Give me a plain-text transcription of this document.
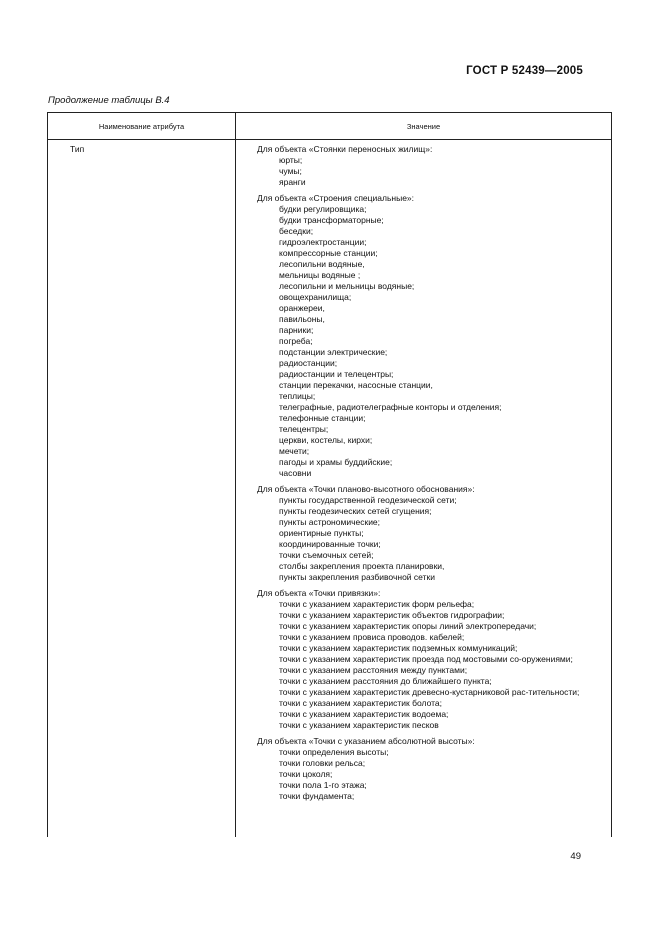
ГОСТ Р 52439—2005
Продолжение таблицы В.4
Наименование атрибута	Значение
Тип	Для объекта «Стоянки переносных жилищ»:
юрты;
чумы;
яранги
Для объекта «Строения специальные»:
будки регулировщика;
будки трансформаторные;
беседки;
гидроэлектростанции;
компрессорные станции;
лесопильни водяные,
мельницы водяные ;
лесопильни и мельницы водяные;
овощехранилища;
оранжереи,
павильоны,
парники;
погреба;
подстанции электрические;
радиостанции;
радиостанции и телецентры;
станции перекачки, насосные станции,
теплицы;
телеграфные, радиотелеграфные конторы и отделения;
телефонные станции;
телецентры;
церкви, костелы, кирхи;
мечети;
пагоды и храмы буддийские;
часовни
Для объекта «Точки планово-высотного обоснования»:
пункты государственной геодезической сети;
пункты геодезических сетей сгущения;
пункты астрономические;
ориентирные пункты;
координированные точки;
точки съемочных сетей;
столбы закрепления проекта планировки,
пункты закрепления разбивочной сетки
Для объекта «Точки привязки»:
точки с указанием характеристик форм рельефа;
точки с указанием характеристик объектов гидрографии;
точки с указанием характеристик опоры линий электропередачи;
точки с указанием провиса проводов. кабелей;
точки с указанием характеристик подземных коммуникаций;
точки с указанием характеристик проезда под мостовыми со-оружениями;
точки с указанием расстояния между пунктами;
точки с указанием расстояния до ближайшего пункта;
точки с указанием характеристик древесно-кустарниковой рас-тительности;
точки с указанием характеристик болота;
точки с указанием характеристик водоема;
точки с указанием характеристик песков
Для объекта «Точки с указанием абсолютной высоты»:
точки определения высоты;
точки головки рельса;
точки цоколя;
точки пола 1-го этажа;
точки фундамента;
49
